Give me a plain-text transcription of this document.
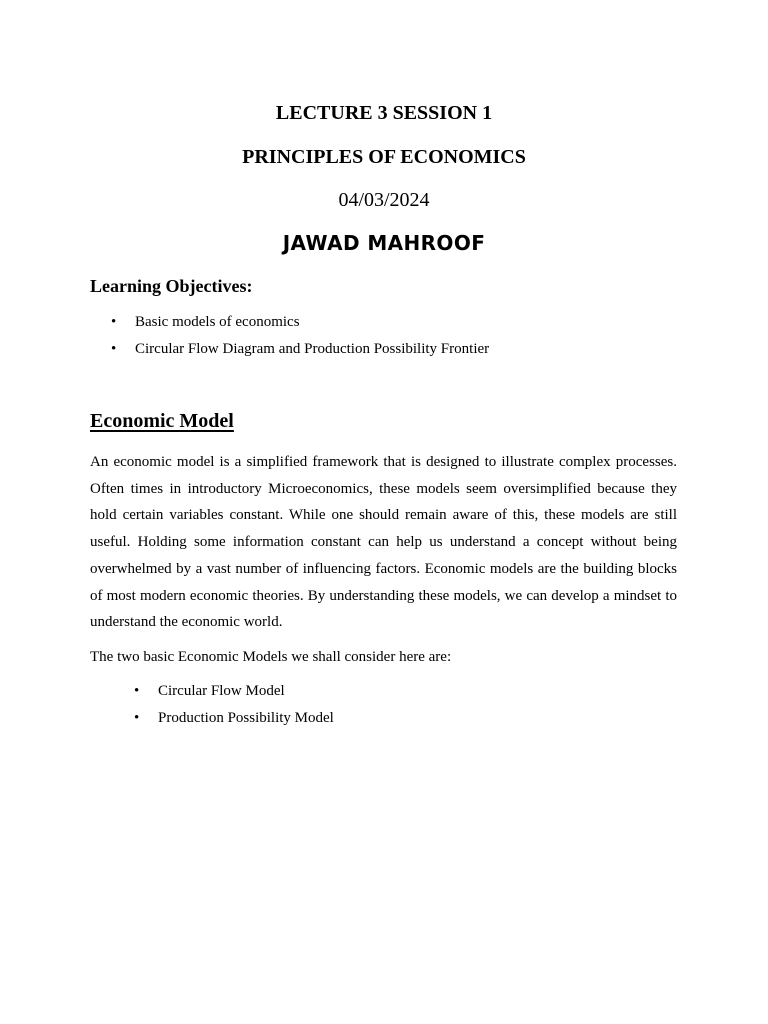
LECTURE 3 SESSION 1

PRINCIPLES OF ECONOMICS

04/03/2024

JAWAD MAHROOF

Learning Objectives:

• Basic models of economics
• Circular Flow Diagram and Production Possibility Frontier
Economic Model

An economic model is a simplified framework that is designed to illustrate complex processes. Often times in introductory Microeconomics, these models seem oversimplified because they hold certain variables constant. While one should remain aware of this, these models are still useful. Holding some information constant can help us understand a concept without being overwhelmed by a vast number of influencing factors. Economic models are the building blocks of most modern economic theories. By understanding these models, we can develop a mindset to understand the economic world.

The two basic Economic Models we shall consider here are:

• Circular Flow Model
• Production Possibility Model
